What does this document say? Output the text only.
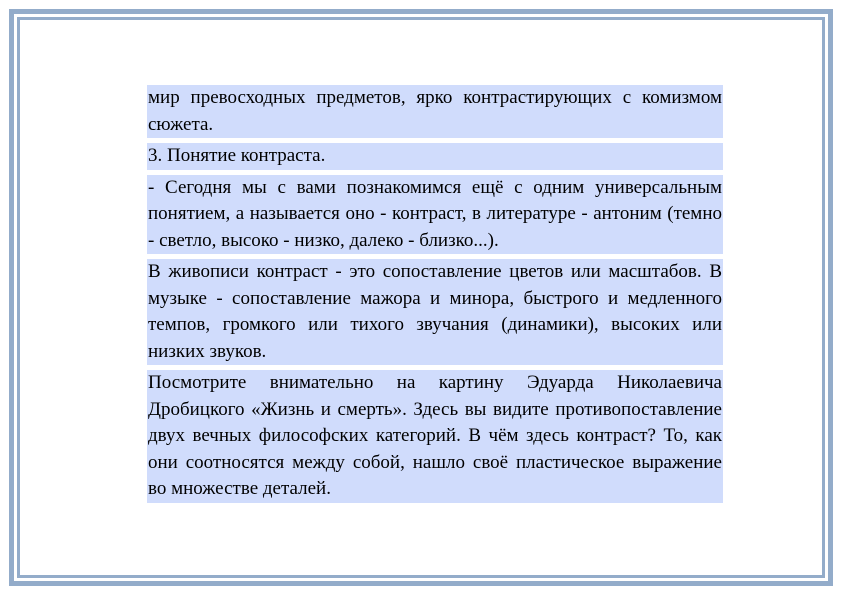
мир превосходных предметов, ярко контрастирующих с комизмом сюжета.

3. Понятие контраста.

- Сегодня мы с вами познакомимся ещё с одним универсальным понятием, а называется оно - контраст, в литературе - антоним (темно - светло, высоко - низко, далеко - близко...).

В живописи контраст - это сопоставление цветов или масштабов. В музыке - сопоставление мажора и минора, быстрого и медленного темпов, громкого или тихого звучания (динамики), высоких или низких звуков.

Посмотрите внимательно на картину Эдуарда Николаевича Дробицкого «Жизнь и смерть». Здесь вы видите противопоставление двух вечных философских категорий. В чём здесь контраст? То, как они соотносятся между собой, нашло своё пластическое выражение во множестве деталей.
